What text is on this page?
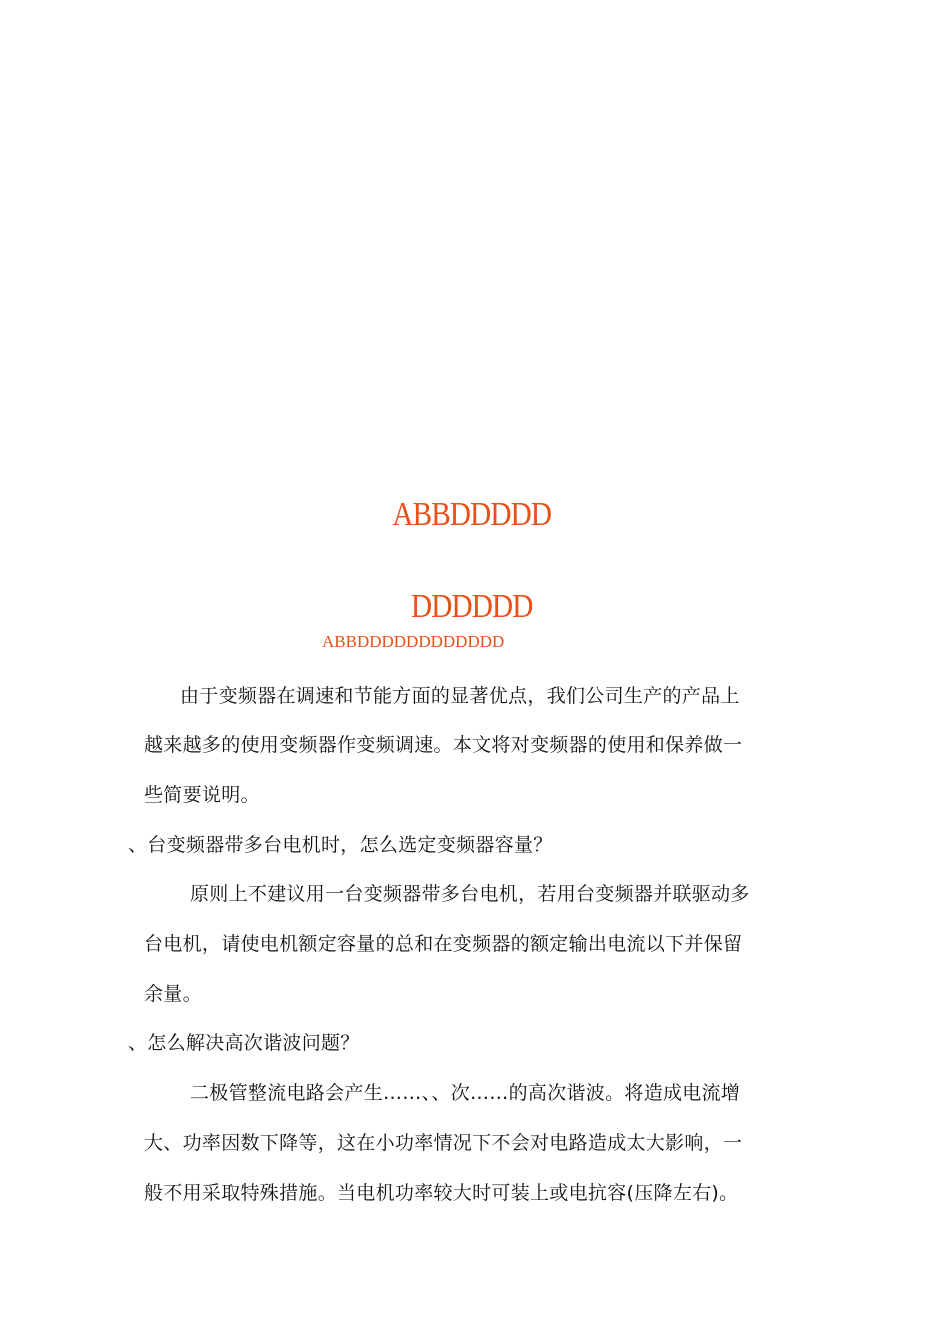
ABBDDDDD
DDDDDD
ABBDDDDDDDDDDDD
由于变频器在调速和节能方面的显著优点，我们公司生产的产品上
越来越多的使用变频器作变频调速。本文将对变频器的使用和保养做一
些简要说明。
、台变频器带多台电机时，怎么选定变频器容量？
原则上不建议用一台变频器带多台电机，若用台变频器并联驱动多
台电机，请使电机额定容量的总和在变频器的额定输出电流以下并保留
余量。
、怎么解决高次谐波问题？
二极管整流电路会产生……、、次……的高次谐波。将造成电流增
大、功率因数下降等，这在小功率情况下不会对电路造成太大影响，一
般不用采取特殊措施。当电机功率较大时可装上或电抗容(压降左右)。
